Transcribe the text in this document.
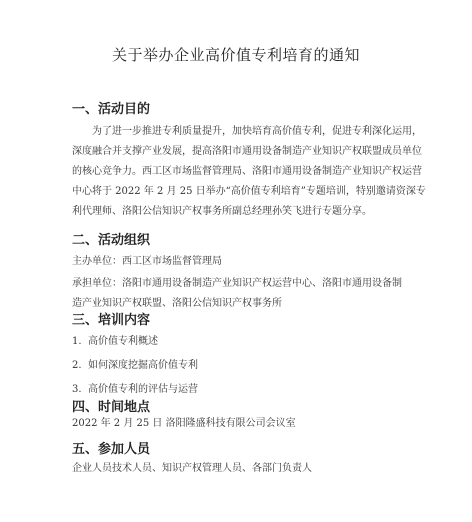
关于举办企业高价值专利培育的通知
一、活动目的
为了进一步推进专利质量提升，加快培育高价值专利，促进专利深化运用，
深度融合并支撑产业发展，提高洛阳市通用设备制造产业知识产权联盟成员单位
的核心竞争力。西工区市场监督管理局、洛阳市通用设备制造产业知识产权运营
中心将于 2022 年 2 月 25 日举办“高价值专利培育”专题培训，特别邀请资深专
利代理师、洛阳公信知识产权事务所副总经理孙笑飞进行专题分享。
二、活动组织
主办单位：西工区市场监督管理局
承担单位：洛阳市通用设备制造产业知识产权运营中心、洛阳市通用设备制
造产业知识产权联盟、洛阳公信知识产权事务所
三、培训内容
1. 高价值专利概述
2. 如何深度挖掘高价值专利
3. 高价值专利的评估与运营
四、时间地点
2022 年 2 月 25 日 洛阳隆盛科技有限公司会议室
五、参加人员
企业人员技术人员、知识产权管理人员、各部门负责人
